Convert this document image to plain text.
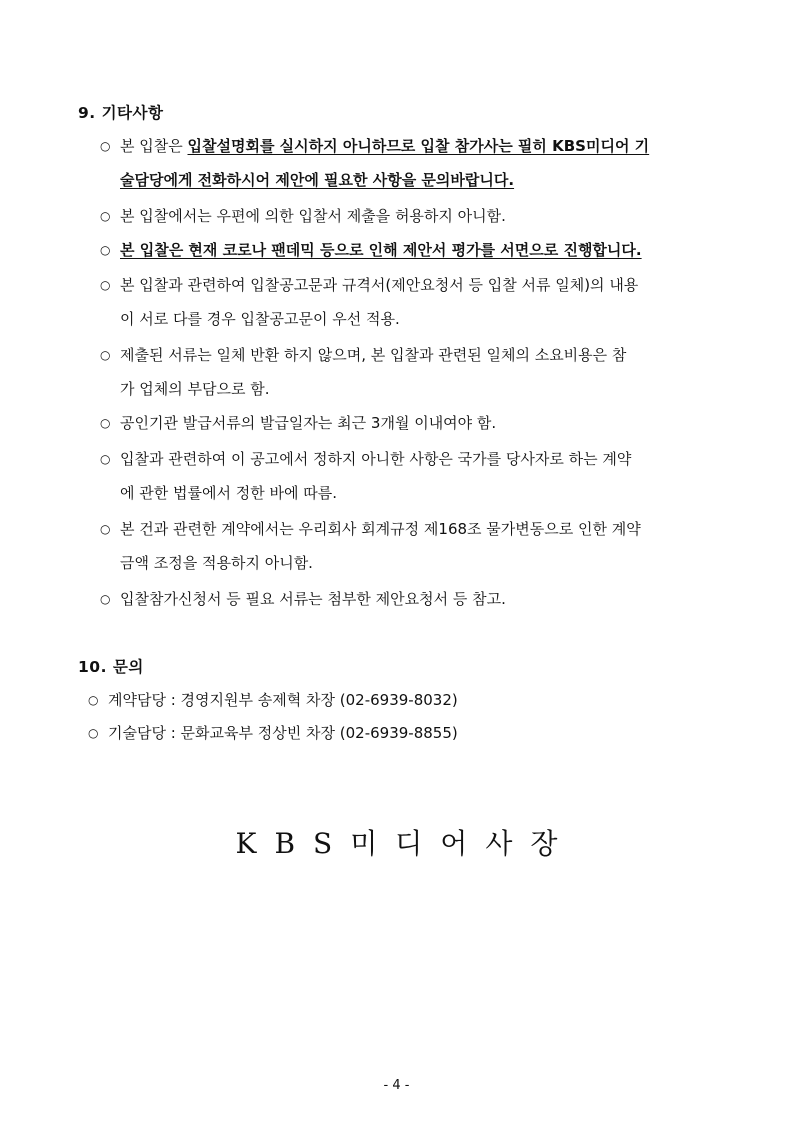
9. 기타사항
○ 본 입찰은 입찰설명회를 실시하지 아니하므로 입찰 참가사는 필히 KBS미디어 기
술담당에게 전화하시어 제안에 필요한 사항을 문의바랍니다.
○ 본 입찰에서는 우편에 의한 입찰서 제출을 허용하지 아니함.
○ 본 입찰은 현재 코로나 팬데믹 등으로 인해 제안서 평가를 서면으로 진행합니다.
○ 본 입찰과 관련하여 입찰공고문과 규격서(제안요청서 등 입찰 서류 일체)의 내용
이 서로 다를 경우 입찰공고문이 우선 적용.
○ 제출된 서류는 일체 반환 하지 않으며, 본 입찰과 관련된 일체의 소요비용은 참
가 업체의 부담으로 함.
○ 공인기관 발급서류의 발급일자는 최근 3개월 이내여야 함.
○ 입찰과 관련하여 이 공고에서 정하지 아니한 사항은 국가를 당사자로 하는 계약
에 관한 법률에서 정한 바에 따름.
○ 본 건과 관련한 계약에서는 우리회사 회계규정 제168조 물가변동으로 인한 계약
금액 조정을 적용하지 아니함.
○ 입찰참가신청서 등 필요 서류는 첨부한 제안요청서 등 참고.
10. 문의
○ 계약담당 : 경영지원부 송제혁 차장 (02-6939-8032)
○ 기술담당 : 문화교육부 정상빈 차장 (02-6939-8855)
KBS미디어사장
- 4 -
